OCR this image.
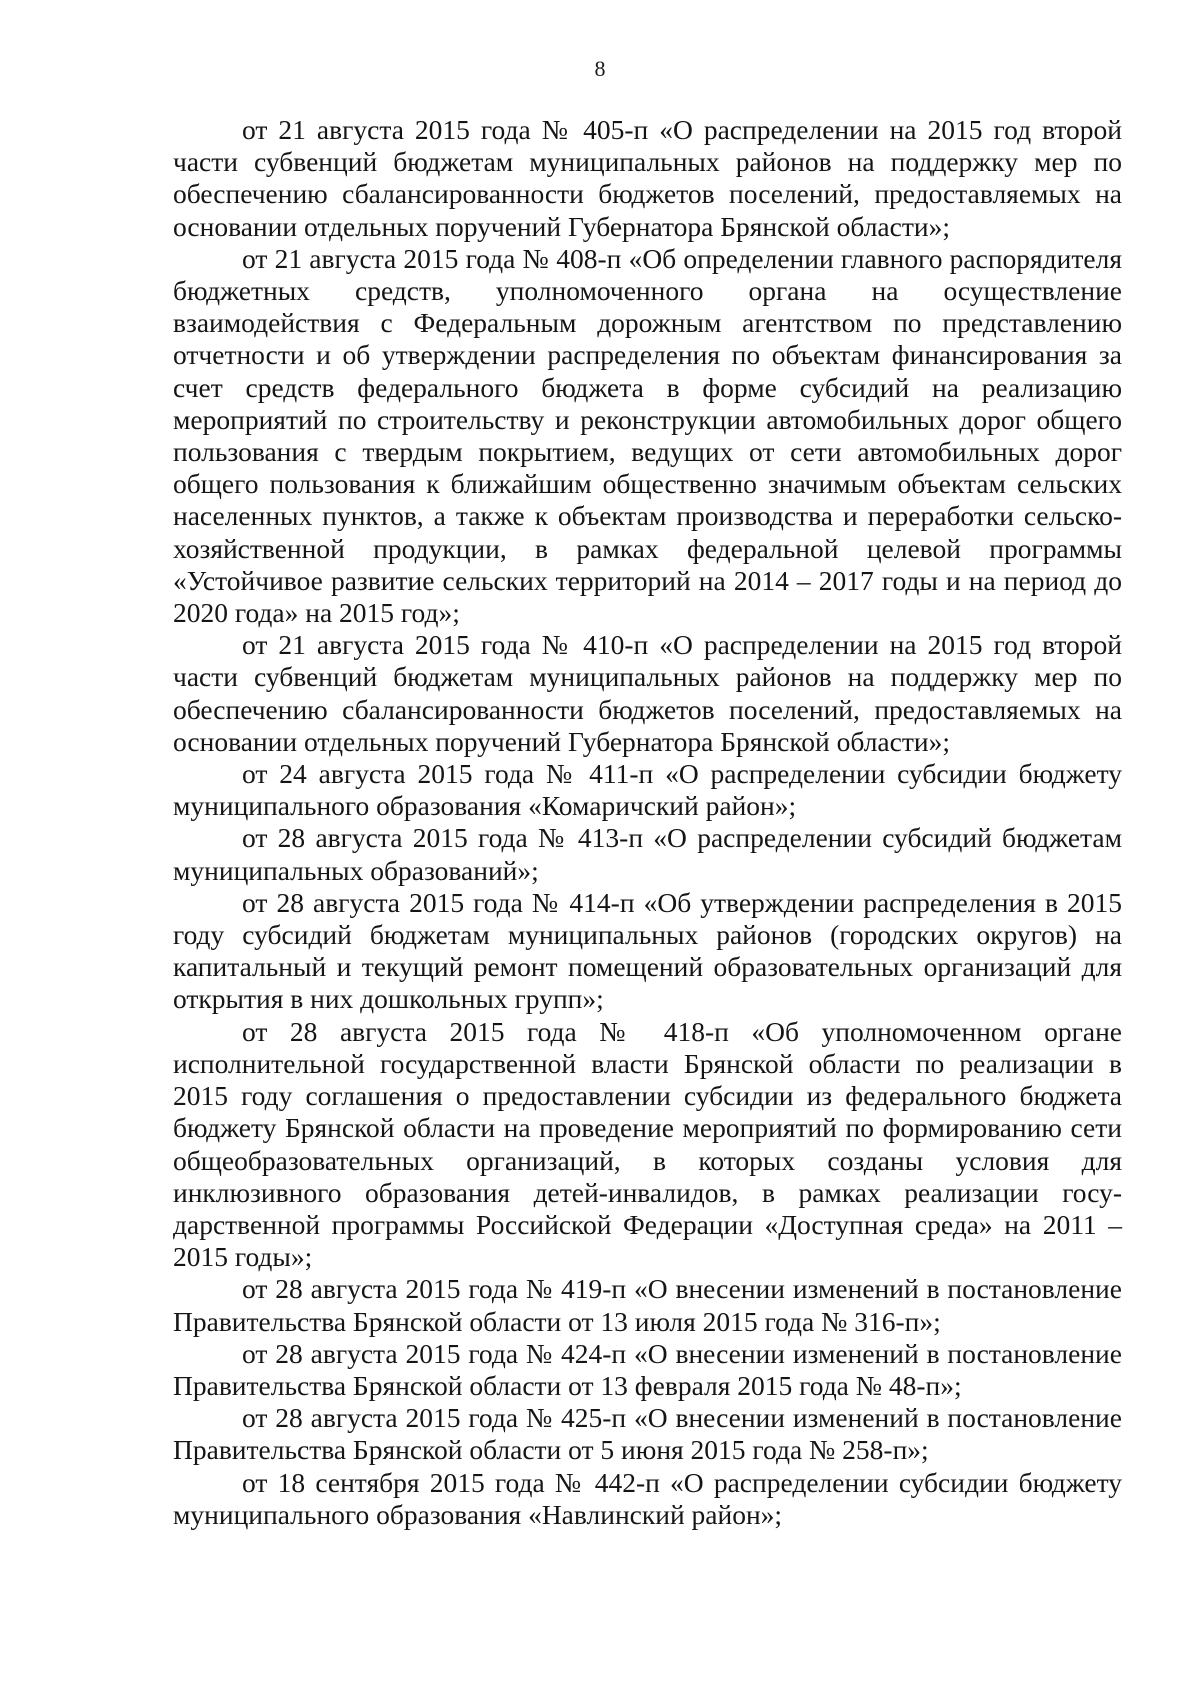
8

от 21 августа 2015 года № 405-п «О распределении на 2015 год второй части субвенций бюджетам муниципальных районов на поддержку мер по обеспечению сбалансированности бюджетов поселений, предоставляемых на основании отдельных поручений Губернатора Брянской области»;

от 21 августа 2015 года № 408-п «Об определении главного распорядителя бюджетных средств, уполномоченного органа на осуществление взаимодействия с Федеральным дорожным агентством по представлению отчетности и об утверждении распределения по объектам финансирования за счет средств федерального бюджета в форме субсидий на реализацию мероприятий по строительству и реконструкции автомобильных дорог общего пользования с твердым покрытием, ведущих от сети автомобильных дорог общего пользования к ближайшим общественно значимым объектам сельских населенных пунктов, а также к объектам производства и переработки сельскохозяйственной продукции, в рамках федеральной целевой программы «Устойчивое развитие сельских территорий на 2014 – 2017 годы и на период до 2020 года» на 2015 год»;

от 21 августа 2015 года № 410-п «О распределении на 2015 год второй части субвенций бюджетам муниципальных районов на поддержку мер по обеспечению сбалансированности бюджетов поселений, предоставляемых на основании отдельных поручений Губернатора Брянской области»;

от 24 августа 2015 года № 411-п «О распределении субсидии бюджету муниципального образования «Комаричский район»;

от 28 августа 2015 года № 413-п «О распределении субсидий бюджетам муниципальных образований»;

от 28 августа 2015 года № 414-п «Об утверждении распределения в 2015 году субсидий бюджетам муниципальных районов (городских округов) на капитальный и текущий ремонт помещений образовательных организаций для открытия в них дошкольных групп»;

от 28 августа 2015 года № 418-п «Об уполномоченном органе исполнительной государственной власти Брянской области по реализации в 2015 году соглашения о предоставлении субсидии из федерального бюджета бюджету Брянской области на проведение мероприятий по формированию сети общеобразовательных организаций, в которых созданы условия для инклюзивного образования детей-инвалидов, в рамках реализации государственной программы Российской Федерации «Доступная среда» на 2011 – 2015 годы»;

от 28 августа 2015 года № 419-п «О внесении изменений в постановление Правительства Брянской области от 13 июля 2015 года № 316-п»;

от 28 августа 2015 года № 424-п «О внесении изменений в постановление Правительства Брянской области от 13 февраля 2015 года № 48-п»;

от 28 августа 2015 года № 425-п «О внесении изменений в постановление Правительства Брянской области от 5 июня 2015 года № 258-п»;

от 18 сентября 2015 года № 442-п «О распределении субсидии бюджету муниципального образования «Навлинский район»;
